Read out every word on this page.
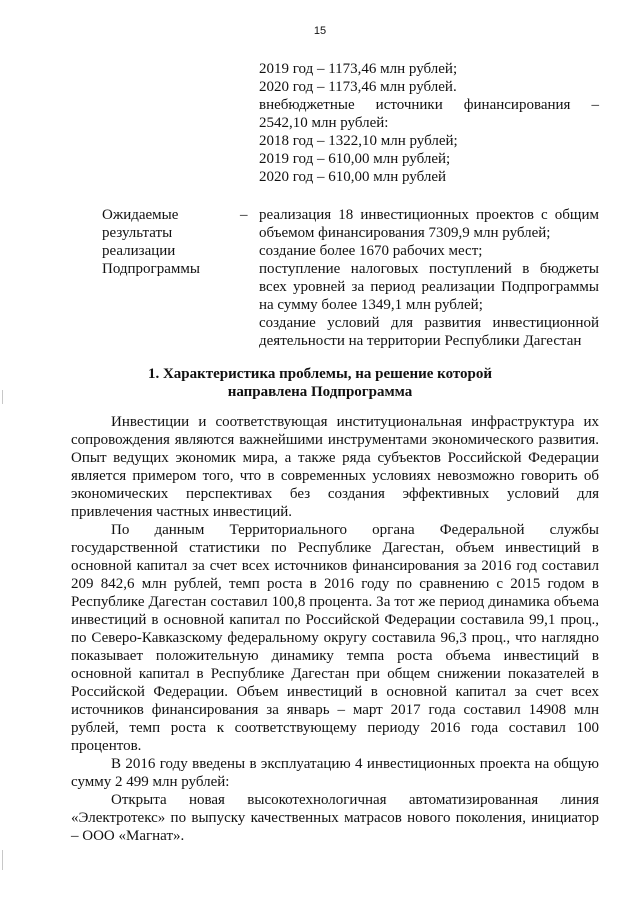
15
2019 год – 1173,46 млн рублей;
2020 год – 1173,46 млн рублей.
внебюджетные источники финансирования –
2542,10 млн рублей:
2018 год – 1322,10 млн рублей;
2019 год – 610,00 млн рублей;
2020 год – 610,00 млн рублей
Ожидаемые результаты реализации Подпрограммы
– реализация 18 инвестиционных проектов с общим объемом финансирования 7309,9 млн рублей;
создание более 1670 рабочих мест;
поступление налоговых поступлений в бюджеты всех уровней за период реализации Подпрограммы на сумму более 1349,1 млн рублей;
создание условий для развития инвестиционной деятельности на территории Республики Дагестан
1. Характеристика проблемы, на решение которой
направлена Подпрограмма

Инвестиции и соответствующая институциональная инфраструктура их сопровождения являются важнейшими инструментами экономического развития. Опыт ведущих экономик мира, а также ряда субъектов Российской Федерации является примером того, что в современных условиях невозможно говорить об экономических перспективах без создания эффективных условий для привлечения частных инвестиций.

По данным Территориального органа Федеральной службы государственной статистики по Республике Дагестан, объем инвестиций в основной капитал за счет всех источников финансирования за 2016 год составил 209 842,6 млн рублей, темп роста в 2016 году по сравнению с 2015 годом в Республике Дагестан составил 100,8 процента. За тот же период динамика объема инвестиций в основной капитал по Российской Федерации составила 99,1 проц., по Северо-Кавказскому федеральному округу составила 96,3 проц., что наглядно показывает положительную динамику темпа роста объема инвестиций в основной капитал в Республике Дагестан при общем снижении показателей в Российской Федерации. Объем инвестиций в основной капитал за счет всех источников финансирования за январь – март 2017 года составил 14908 млн рублей, темп роста к соответствующему периоду 2016 года составил 100 процентов.

В 2016 году введены в эксплуатацию 4 инвестиционных проекта на общую сумму 2 499 млн рублей:

Открыта новая высокотехнологичная автоматизированная линия «Электротекс» по выпуску качественных матрасов нового поколения, инициатор – ООО «Магнат».
